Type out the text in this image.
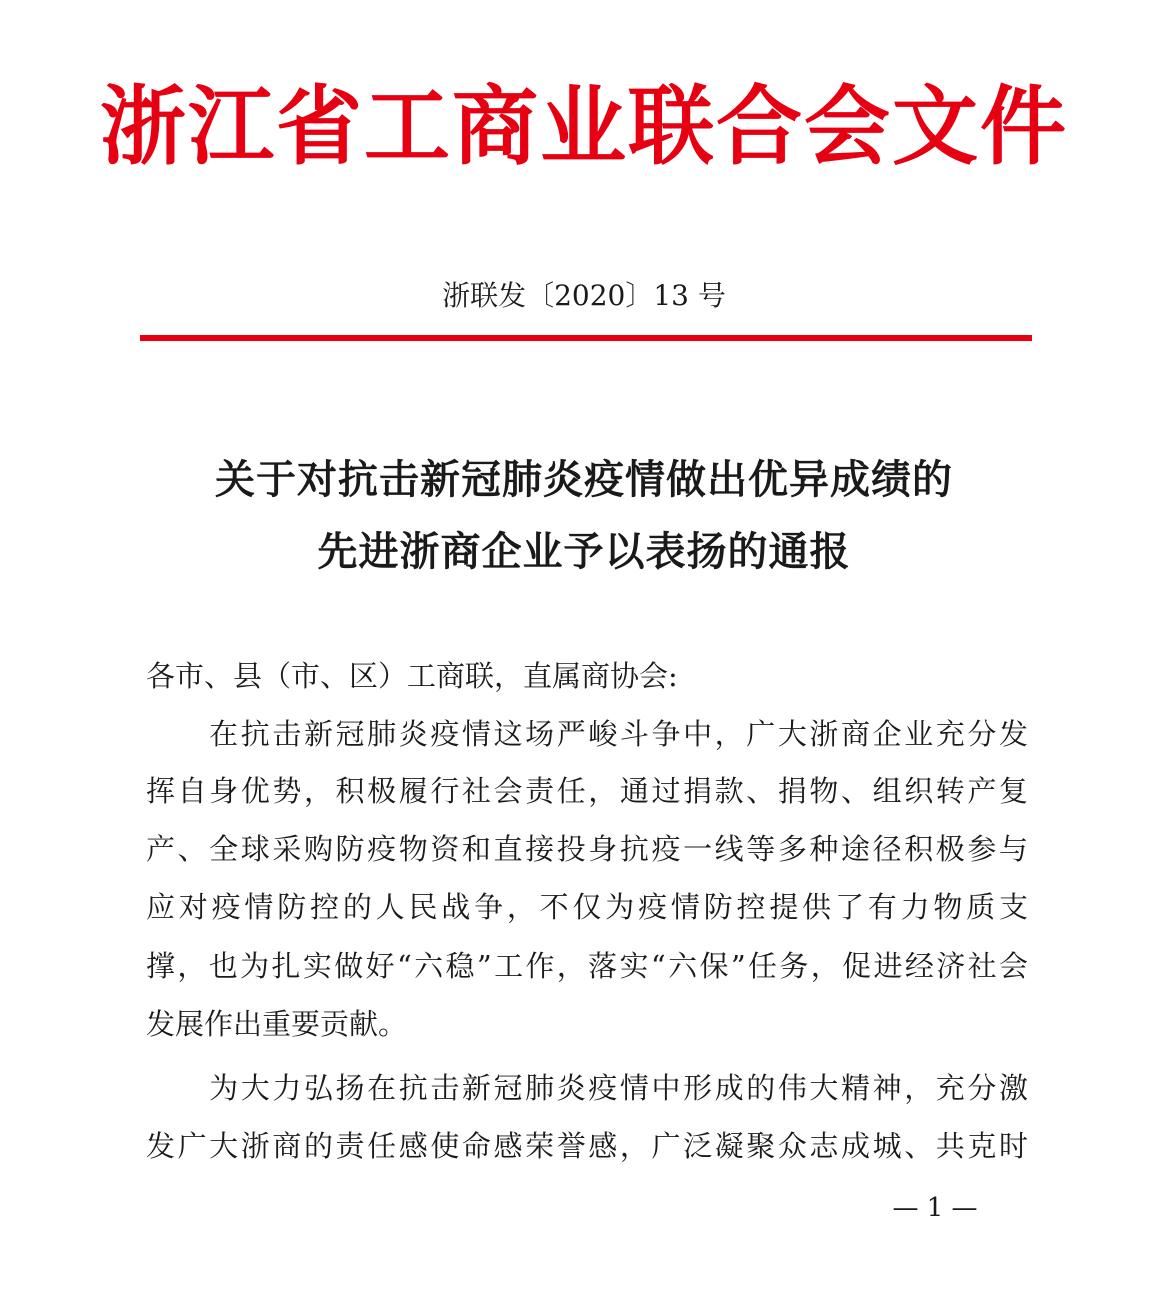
浙江省工商业联合会文件
浙联发〔2020〕13 号
关于对抗击新冠肺炎疫情做出优异成绩的
先进浙商企业予以表扬的通报
各市、县（市、区）工商联，直属商协会:
　　在抗击新冠肺炎疫情这场严峻斗争中，广大浙商企业充分发
挥自身优势，积极履行社会责任，通过捐款、捐物、组织转产复
产、全球采购防疫物资和直接投身抗疫一线等多种途径积极参与
应对疫情防控的人民战争，不仅为疫情防控提供了有力物质支
撑，也为扎实做好“六稳”工作，落实“六保”任务，促进经济社会
发展作出重要贡献。
　　为大力弘扬在抗击新冠肺炎疫情中形成的伟大精神，充分激
发广大浙商的责任感使命感荣誉感，广泛凝聚众志成城、共克时
— 1 —
